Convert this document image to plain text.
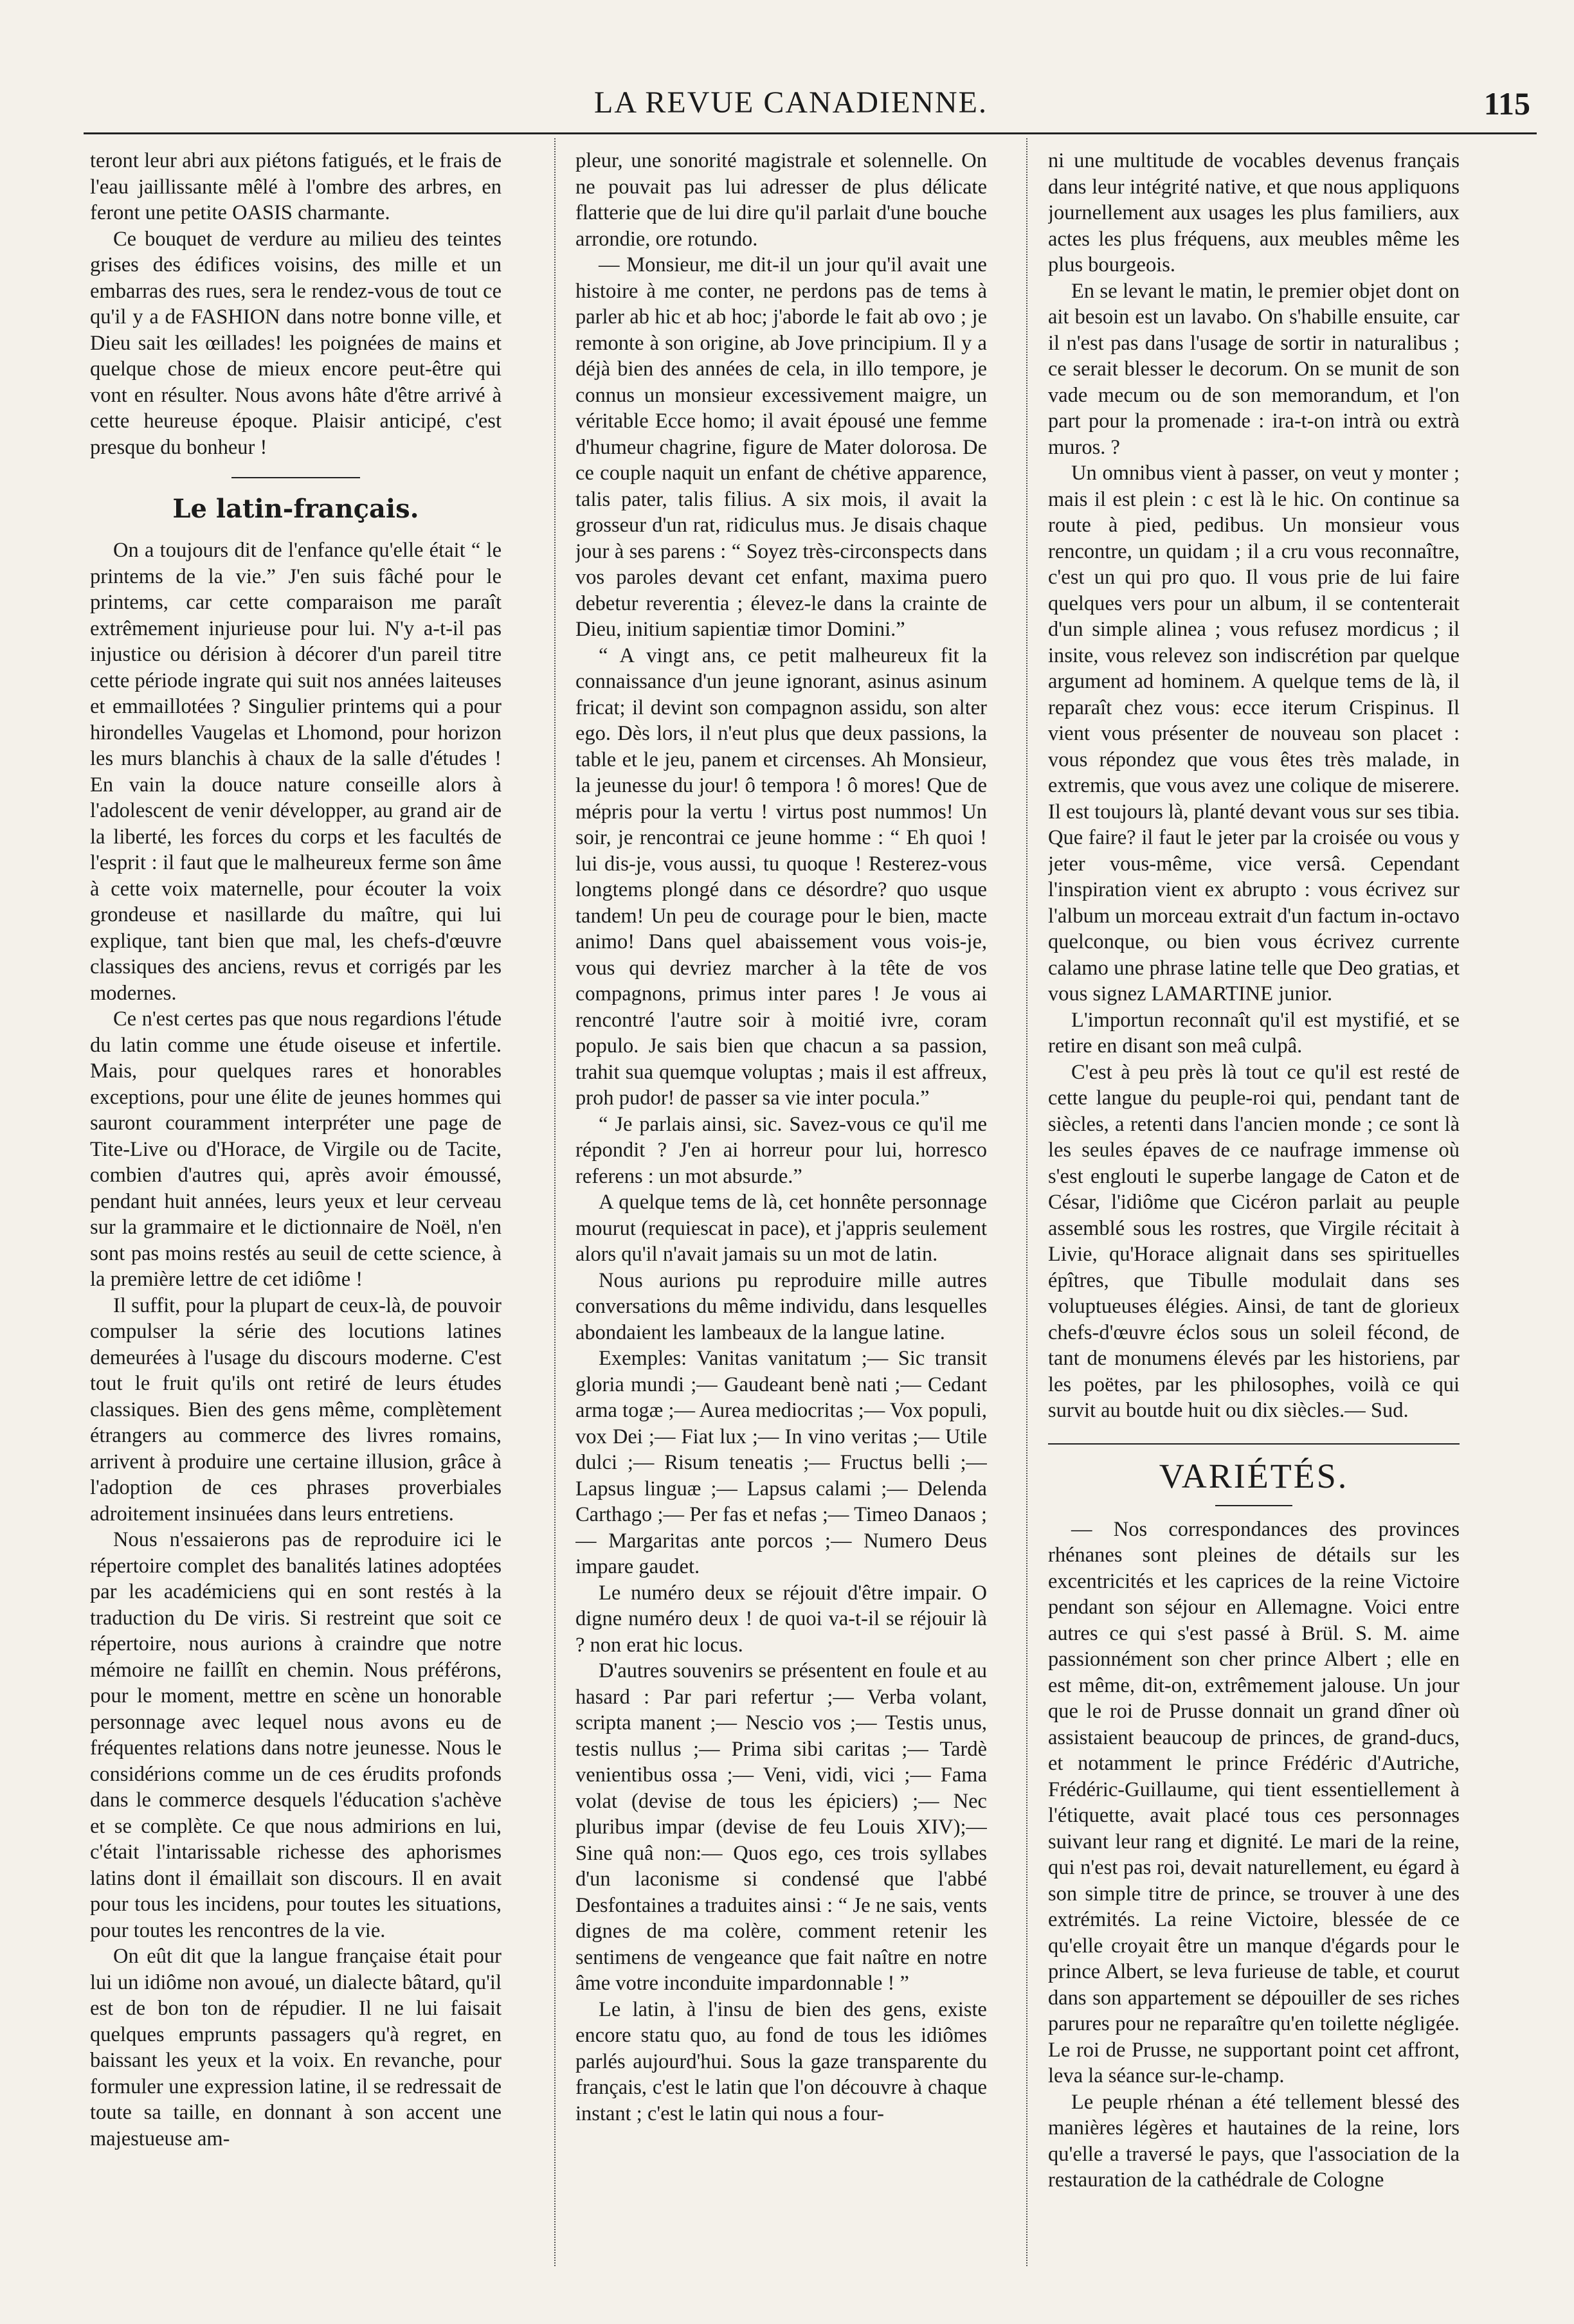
LA REVUE CANADIENNE.	115

teront leur abri aux piétons fatigués, et le frais de l'eau jaillissante mêlé à l'ombre des arbres, en feront une petite OASIS charmante.

Ce bouquet de verdure au milieu des teintes grises des édifices voisins, des mille et un embarras des rues, sera le rendez-vous de tout ce qu'il y a de FASHION dans notre bonne ville, et Dieu sait les œillades! les poignées de mains et quelque chose de mieux encore peut-être qui vont en résulter. Nous avons hâte d'être arrivé à cette heureuse époque. Plaisir anticipé, c'est presque du bonheur !

Le latin-français.

On a toujours dit de l'enfance qu'elle était “ le printems de la vie.” J'en suis fâché pour le printems, car cette comparaison me paraît extrêmement injurieuse pour lui. N'y a-t-il pas injustice ou dérision à décorer d'un pareil titre cette période ingrate qui suit nos années laiteuses et emmaillotées ? Singulier printems qui a pour hirondelles Vaugelas et Lhomond, pour horizon les murs blanchis à chaux de la salle d'études ! En vain la douce nature conseille alors à l'adolescent de venir développer, au grand air de la liberté, les forces du corps et les facultés de l'esprit : il faut que le malheureux ferme son âme à cette voix maternelle, pour écouter la voix grondeuse et nasillarde du maître, qui lui explique, tant bien que mal, les chefs-d'œuvre classiques des anciens, revus et corrigés par les modernes.

Ce n'est certes pas que nous regardions l'étude du latin comme une étude oiseuse et infertile. Mais, pour quelques rares et honorables exceptions, pour une élite de jeunes hommes qui sauront couramment interpréter une page de Tite-Live ou d'Horace, de Virgile ou de Tacite, combien d'autres qui, après avoir émoussé, pendant huit années, leurs yeux et leur cerveau sur la grammaire et le dictionnaire de Noël, n'en sont pas moins restés au seuil de cette science, à la première lettre de cet idiôme !

Il suffit, pour la plupart de ceux-là, de pouvoir compulser la série des locutions latines demeurées à l'usage du discours moderne. C'est tout le fruit qu'ils ont retiré de leurs études classiques. Bien des gens même, complètement étrangers au commerce des livres romains, arrivent à produire une certaine illusion, grâce à l'adoption de ces phrases proverbiales adroitement insinuées dans leurs entretiens.

Nous n'essaierons pas de reproduire ici le répertoire complet des banalités latines adoptées par les académiciens qui en sont restés à la traduction du De viris. Si restreint que soit ce répertoire, nous aurions à craindre que notre mémoire ne faillît en chemin. Nous préférons, pour le moment, mettre en scène un honorable personnage avec lequel nous avons eu de fréquentes relations dans notre jeunesse. Nous le considérions comme un de ces érudits profonds dans le commerce desquels l'éducation s'achève et se complète. Ce que nous admirions en lui, c'était l'intarissable richesse des aphorismes latins dont il émaillait son discours. Il en avait pour tous les incidens, pour toutes les situations, pour toutes les rencontres de la vie.

On eût dit que la langue française était pour lui un idiôme non avoué, un dialecte bâtard, qu'il est de bon ton de répudier. Il ne lui faisait quelques emprunts passagers qu'à regret, en baissant les yeux et la voix. En revanche, pour formuler une expression latine, il se redressait de toute sa taille, en donnant à son accent une majestueuse am-

pleur, une sonorité magistrale et solennelle. On ne pouvait pas lui adresser de plus délicate flatterie que de lui dire qu'il parlait d'une bouche arrondie, ore rotundo.

— Monsieur, me dit-il un jour qu'il avait une histoire à me conter, ne perdons pas de tems à parler ab hic et ab hoc; j'aborde le fait ab ovo ; je remonte à son origine, ab Jove principium. Il y a déjà bien des années de cela, in illo tempore, je connus un monsieur excessivement maigre, un véritable Ecce homo; il avait épousé une femme d'humeur chagrine, figure de Mater dolorosa. De ce couple naquit un enfant de chétive apparence, talis pater, talis filius. A six mois, il avait la grosseur d'un rat, ridiculus mus. Je disais chaque jour à ses parens : “ Soyez très-circonspects dans vos paroles devant cet enfant, maxima puero debetur reverentia ; élevez-le dans la crainte de Dieu, initium sapientiæ timor Domini.”

“ A vingt ans, ce petit malheureux fit la connaissance d'un jeune ignorant, asinus asinum fricat; il devint son compagnon assidu, son alter ego. Dès lors, il n'eut plus que deux passions, la table et le jeu, panem et circenses. Ah Monsieur, la jeunesse du jour! ô tempora ! ô mores! Que de mépris pour la vertu ! virtus post nummos! Un soir, je rencontrai ce jeune homme : “ Eh quoi ! lui dis-je, vous aussi, tu quoque ! Resterez-vous longtems plongé dans ce désordre? quo usque tandem! Un peu de courage pour le bien, macte animo! Dans quel abaissement vous vois-je, vous qui devriez marcher à la tête de vos compagnons, primus inter pares ! Je vous ai rencontré l'autre soir à moitié ivre, coram populo. Je sais bien que chacun a sa passion, trahit sua quemque voluptas ; mais il est affreux, proh pudor! de passer sa vie inter pocula.”

“ Je parlais ainsi, sic. Savez-vous ce qu'il me répondit ? J'en ai horreur pour lui, horresco referens : un mot absurde.”

A quelque tems de là, cet honnête personnage mourut (requiescat in pace), et j'appris seulement alors qu'il n'avait jamais su un mot de latin.

Nous aurions pu reproduire mille autres conversations du même individu, dans lesquelles abondaient les lambeaux de la langue latine.

Exemples: Vanitas vanitatum ;— Sic transit gloria mundi ;— Gaudeant benè nati ;— Cedant arma togæ ;— Aurea mediocritas ;— Vox populi, vox Dei ;— Fiat lux ;— In vino veritas ;— Utile dulci ;— Risum teneatis ;— Fructus belli ;— Lapsus linguæ ;— Lapsus calami ;— Delenda Carthago ;— Per fas et nefas ;— Timeo Danaos ;— Margaritas ante porcos ;— Numero Deus impare gaudet.

Le numéro deux se réjouit d'être impair. O digne numéro deux ! de quoi va-t-il se réjouir là ? non erat hic locus.

D'autres souvenirs se présentent en foule et au hasard : Par pari refertur ;— Verba volant, scripta manent ;— Nescio vos ;— Testis unus, testis nullus ;— Prima sibi caritas ;— Tardè venientibus ossa ;— Veni, vidi, vici ;— Fama volat (devise de tous les épiciers) ;— Nec pluribus impar (devise de feu Louis XIV);— Sine quâ non:— Quos ego, ces trois syllabes d'un laconisme si condensé que l'abbé Desfontaines a traduites ainsi : “ Je ne sais, vents dignes de ma colère, comment retenir les sentimens de vengeance que fait naître en notre âme votre inconduite impardonnable ! ”

Le latin, à l'insu de bien des gens, existe encore statu quo, au fond de tous les idiômes parlés aujourd'hui. Sous la gaze transparente du français, c'est le latin que l'on découvre à chaque instant ; c'est le latin qui nous a four-

ni une multitude de vocables devenus français dans leur intégrité native, et que nous appliquons journellement aux usages les plus familiers, aux actes les plus fréquens, aux meubles même les plus bourgeois.

En se levant le matin, le premier objet dont on ait besoin est un lavabo. On s'habille ensuite, car il n'est pas dans l'usage de sortir in naturalibus ; ce serait blesser le decorum. On se munit de son vade mecum ou de son memorandum, et l'on part pour la promenade : ira-t-on intrà ou extrà muros. ?

Un omnibus vient à passer, on veut y monter ; mais il est plein : c est là le hic. On continue sa route à pied, pedibus. Un monsieur vous rencontre, un quidam ; il a cru vous reconnaître, c'est un qui pro quo. Il vous prie de lui faire quelques vers pour un album, il se contenterait d'un simple alinea ; vous refusez mordicus ; il insite, vous relevez son indiscrétion par quelque argument ad hominem. A quelque tems de là, il reparaît chez vous: ecce iterum Crispinus. Il vient vous présenter de nouveau son placet : vous répondez que vous êtes très malade, in extremis, que vous avez une colique de miserere. Il est toujours là, planté devant vous sur ses tibia. Que faire? il faut le jeter par la croisée ou vous y jeter vous-même, vice versâ. Cependant l'inspiration vient ex abrupto : vous écrivez sur l'album un morceau extrait d'un factum in-octavo quelconque, ou bien vous écrivez currente calamo une phrase latine telle que Deo gratias, et vous signez LAMARTINE junior.

L'importun reconnaît qu'il est mystifié, et se retire en disant son meâ culpâ.

C'est à peu près là tout ce qu'il est resté de cette langue du peuple-roi qui, pendant tant de siècles, a retenti dans l'ancien monde ; ce sont là les seules épaves de ce naufrage immense où s'est englouti le superbe langage de Caton et de César, l'idiôme que Cicéron parlait au peuple assemblé sous les rostres, que Virgile récitait à Livie, qu'Horace alignait dans ses spirituelles épîtres, que Tibulle modulait dans ses voluptueuses élégies. Ainsi, de tant de glorieux chefs-d'œuvre éclos sous un soleil fécond, de tant de monumens élevés par les historiens, par les poëtes, par les philosophes, voilà ce qui survit au boutde huit ou dix siècles.— Sud.

VARIÉTÉS.

— Nos correspondances des provinces rhénanes sont pleines de détails sur les excentricités et les caprices de la reine Victoire pendant son séjour en Allemagne. Voici entre autres ce qui s'est passé à Brül. S. M. aime passionnément son cher prince Albert ; elle en est même, dit-on, extrêmement jalouse. Un jour que le roi de Prusse donnait un grand dîner où assistaient beaucoup de princes, de grand-ducs, et notamment le prince Frédéric d'Autriche, Frédéric-Guillaume, qui tient essentiellement à l'étiquette, avait placé tous ces personnages suivant leur rang et dignité. Le mari de la reine, qui n'est pas roi, devait naturellement, eu égard à son simple titre de prince, se trouver à une des extrémités. La reine Victoire, blessée de ce qu'elle croyait être un manque d'égards pour le prince Albert, se leva furieuse de table, et courut dans son appartement se dépouiller de ses riches parures pour ne reparaître qu'en toilette négligée. Le roi de Prusse, ne supportant point cet affront, leva la séance sur-le-champ.

Le peuple rhénan a été tellement blessé des manières légères et hautaines de la reine, lors qu'elle a traversé le pays, que l'association de la restauration de la cathédrale de Cologne
